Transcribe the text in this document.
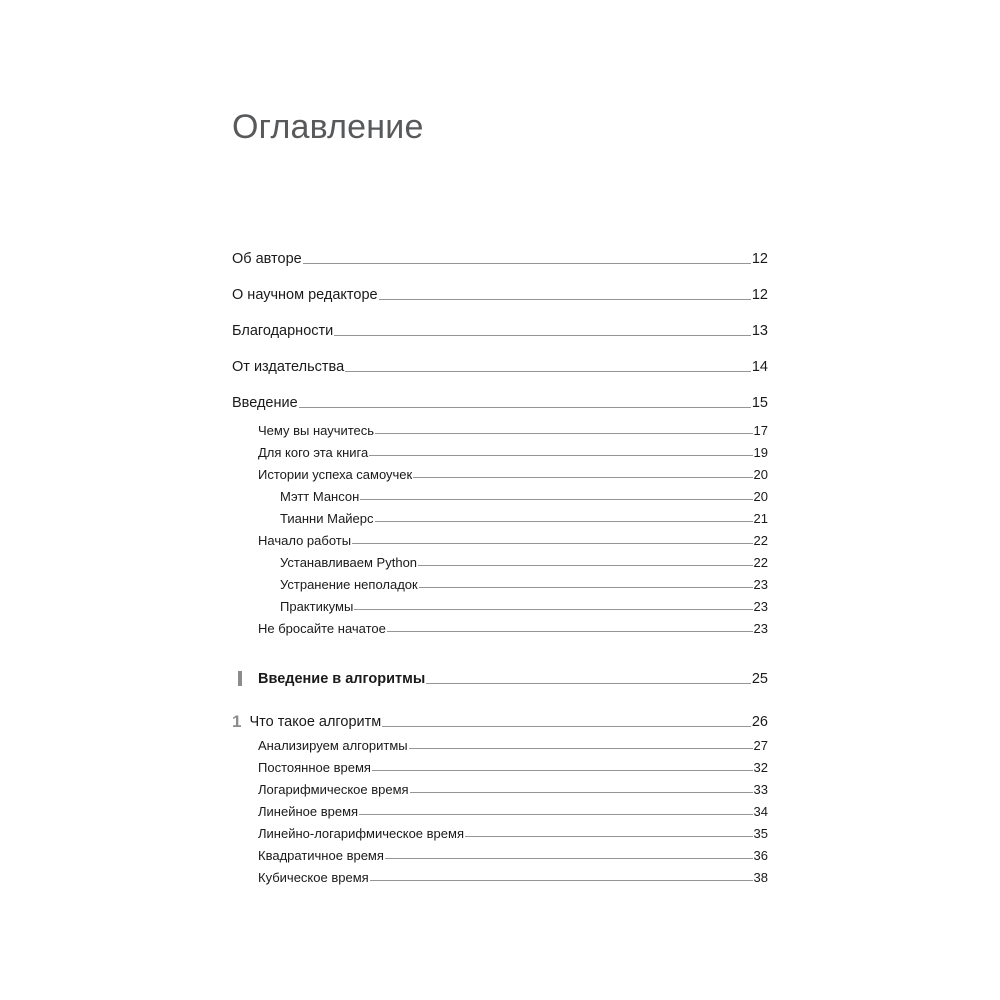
Оглавление
Об авторе	12
О научном редакторе	12
Благодарности	13
От издательства	14
Введение	15
Чему вы научитесь	17
Для кого эта книга	19
Истории успеха самоучек	20
Мэтт Мансон	20
Тианни Майерс	21
Начало работы	22
Устанавливаем Python	22
Устранение неполадок	23
Практикумы	23
Не бросайте начатое	23
Введение в алгоритмы	25
1 Что такое алгоритм	26
Анализируем алгоритмы	27
Постоянное время	32
Логарифмическое время	33
Линейное время	34
Линейно-логарифмическое время	35
Квадратичное время	36
Кубическое время	38
